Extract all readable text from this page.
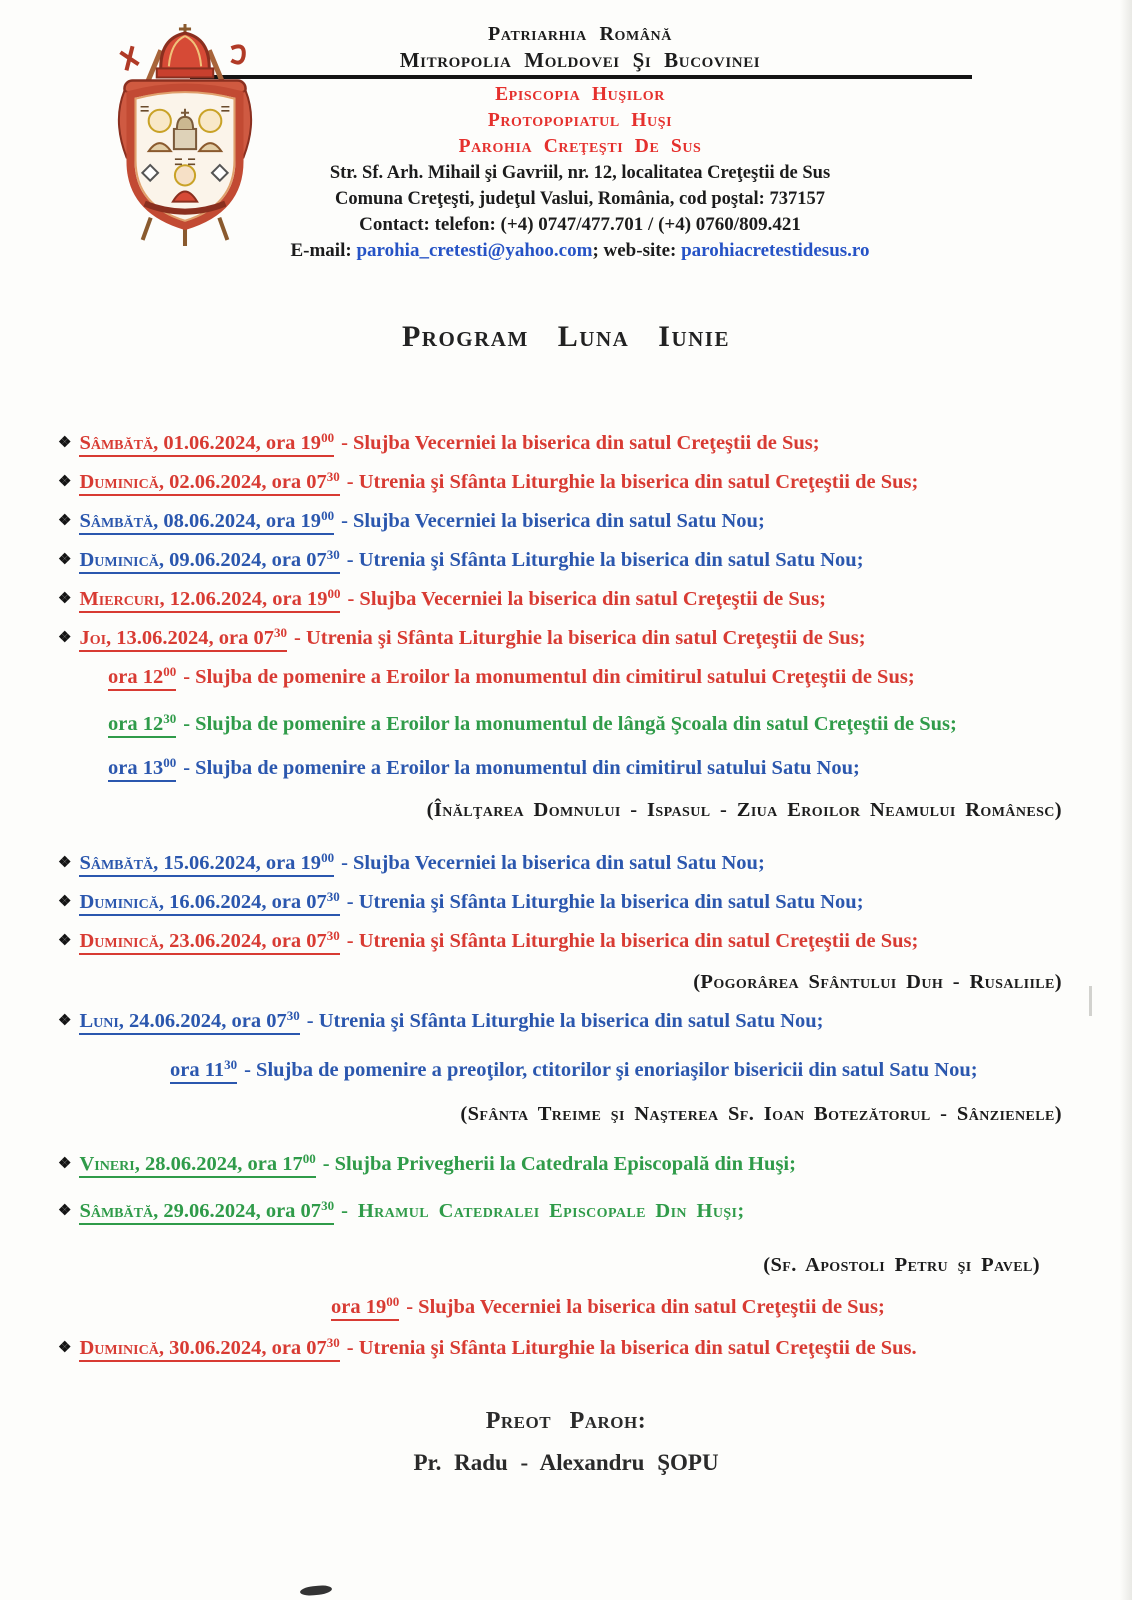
Patriarhia Română
Mitropolia Moldovei Şi Bucovinei
Episcopia Huşilor
Protopopiatul Huşi
Parohia Creţeşti De Sus
Str. Sf. Arh. Mihail şi Gavriil, nr. 12, localitatea Creţeştii de Sus
Comuna Creţeşti, judeţul Vaslui, România, cod poştal: 737157
Contact: telefon: (+4) 0747/477.701 / (+4) 0760/809.421
E-mail: parohia_cretesti@yahoo.com; web-site: parohiacretestidesus.ro
Program Luna Iunie
❖ Sâmbătă, 01.06.2024, ora $19^{00}$ - Slujba Vecerniei la biserica din satul Creţeştii de Sus;
❖ Duminică, 02.06.2024, ora $07^{30}$ - Utrenia şi Sfânta Liturghie la biserica din satul Creţeştii de Sus;
❖ Sâmbătă, 08.06.2024, ora $19^{00}$ - Slujba Vecerniei la biserica din satul Satu Nou;
❖ Duminică, 09.06.2024, ora $07^{30}$ - Utrenia şi Sfânta Liturghie la biserica din satul Satu Nou;
❖ Miercuri, 12.06.2024, ora $19^{00}$ - Slujba Vecerniei la biserica din satul Creţeştii de Sus;
❖ Joi, 13.06.2024, ora $07^{30}$ - Utrenia şi Sfânta Liturghie la biserica din satul Creţeştii de Sus;
ora $12^{00}$ - Slujba de pomenire a Eroilor la monumentul din cimitirul satului Creţeştii de Sus;
ora $12^{30}$ - Slujba de pomenire a Eroilor la monumentul de lângă Şcoala din satul Creţeştii de Sus;
ora $13^{00}$ - Slujba de pomenire a Eroilor la monumentul din cimitirul satului Satu Nou;
(Înălţarea Domnului - Ispasul - Ziua Eroilor Neamului Românesc)
❖ Sâmbătă, 15.06.2024, ora $19^{00}$ - Slujba Vecerniei la biserica din satul Satu Nou;
❖ Duminică, 16.06.2024, ora $07^{30}$ - Utrenia şi Sfânta Liturghie la biserica din satul Satu Nou;
❖ Duminică, 23.06.2024, ora $07^{30}$ - Utrenia şi Sfânta Liturghie la biserica din satul Creţeştii de Sus;
(Pogorârea Sfântului Duh - Rusaliile)
❖ Luni, 24.06.2024, ora $07^{30}$ - Utrenia şi Sfânta Liturghie la biserica din satul Satu Nou;
ora $11^{30}$ - Slujba de pomenire a preoţilor, ctitorilor şi enoriaşilor bisericii din satul Satu Nou;
(Sfânta Treime şi Naşterea Sf. Ioan Botezătorul - Sânzienele)
❖ Vineri, 28.06.2024, ora $17^{00}$ - Slujba Privegherii la Catedrala Episcopală din Huşi;
❖ Sâmbătă, 29.06.2024, ora $07^{30}$ - Hramul Catedralei Episcopale Din Huşi;
(Sf. Apostoli Petru şi Pavel)
ora $19^{00}$ - Slujba Vecerniei la biserica din satul Creţeştii de Sus;
❖ Duminică, 30.06.2024, ora $07^{30}$ - Utrenia şi Sfânta Liturghie la biserica din satul Creţeştii de Sus.
Preot Paroh:
Pr. Radu - Alexandru ŞOPU
